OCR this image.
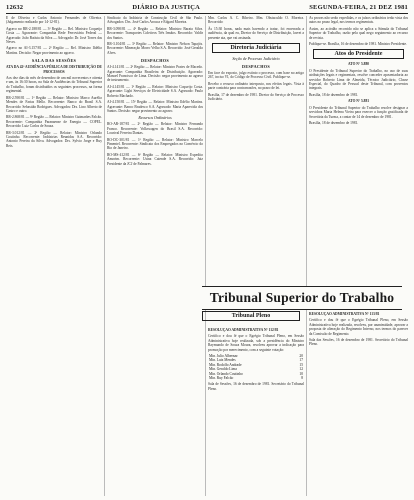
12632	DIÁRIO DA JUSTIÇA	SEGUNDA-FEIRA, 21 DEZ 1981

E de Oliveira e Carlos Antonio Fernandes de Oliveira. (Julgamento realizado por 14-12-81).

Agravo no RR-2.188/81 — 3ª Região — Rel. Ministro Coqueijo Costa — Agravante: Companhia Rede Ferroviária Federal — Agravado: João Batista da Silva — Advogado: Dr. José Torres das Neves.

Agravo no AI-3.157/81 — 2ª Região — Rel. Ministro Ildélio Martins. Decisão: Negar provimento ao agravo.

SALA DAS SESSÕES

ATA DA 42ª AUDIÊNCIA PÚBLICA DE DISTRIBUIÇÃO DE PROCESSOS

Aos dez dias do mês de dezembro de um mil novecentos e oitenta e um, às 16:30 horas, na Sala de Audiências do Tribunal Superior do Trabalho, foram distribuídos os seguintes processos, na forma regimental.

RR-2.590/81 — 1ª Região — Relator: Ministro Marco Aurélio Mendes de Farias Mello. Recorrente: Banco do Brasil S.A. Recorrido: Sebastião Rodrigues. Advogados: Drs. Lino Alberto de Castro e outro.

RR-2.868/81 — 9ª Região — Relator: Ministro Guimarães Falcão. Recorrente: Companhia Paranaense de Energia — COPEL. Recorrido: Luiz Carlos de Souza.

RR-3.012/81 — 2ª Região — Relator: Ministro Orlando Coutinho. Recorrente: Indústrias Reunidas S.A. Recorrido: Antonio Pereira da Silva. Advogados: Drs. Sylvio Jorge e Ruy Reis.

Sindicato da Indústria de Construção Civil de São Paulo. Advogados: Drs. José Carlos Arouca e Edgard Moreira.

RR-3.090/81 — 4ª Região — Relator: Ministro Barata Silva. Recorrente: Transportes Coletivos Três Irmãos. Recorrido: Valdir dos Santos.

RR-3.104/81 — 3ª Região — Relator: Ministro Nelson Tapajós. Recorrente: Mineração Morro Velho S.A. Recorrido: José Geraldo Alves.

DESPACHOS

AI-4.141/81 — 2ª Região — Relator: Ministro Prates de Macedo. Agravante: Companhia Brasileira de Distribuição. Agravado: Manoel Francisco de Lima. Decisão: negar provimento ao agravo de instrumento.

AI-4.145/81 — 1ª Região — Relator: Ministro Coqueijo Costa. Agravante: Light Serviços de Eletricidade S.A. Agravado: Paulo Roberto Machado.

AI-4.150/81 — 15ª Região — Relator: Ministro Ildélio Martins. Agravante: Banco Bradesco S.A. Agravado: Maria Aparecida dos Santos. Decisão: negar provimento ao agravo.

Recursos Ordinários

RO-AR-187/81 — 2ª Região — Relator: Ministro Fernando Franco. Recorrente: Volkswagen do Brasil S.A. Recorrido: Lourival Ferreira Dantas.

RO-DC-301/81 — 1ª Região — Relator: Ministro Marcelo Pimentel. Recorrente: Sindicato dos Empregados no Comércio do Rio de Janeiro.

RO-MS-412/81 — 6ª Região — Relator: Ministro Expedito Amorim. Recorrente: Usina Catende S.A. Recorrido: Juiz Presidente da JCJ de Palmares.

Mm. Carlos A. C. Ribeiro. Mm. Obstaculdo O. Moreira. Recorrido:

Às 15:30 horas, nada mais havendo a tratar, foi encerrada a audiência, da qual eu, Diretor do Serviço de Distribuição, lavrei a presente ata, que vai assinada.

Diretoria Judiciária
Seção de Processo Judiciário
DESPACHOS

Em face do exposto, julgo extinto o processo, com base no artigo 267, inciso VI, do Código de Processo Civil. Publique-se.

Recebo o recurso ordinário interposto, nos efeitos legais. Vista à parte contrária para contrarrazões, no prazo de lei.

Brasília, 17 de dezembro de 1981. Diretor do Serviço de Processo Judiciário.

Às provas não serão expedidas, e os juízos ordinários terão vista dos autos no prazo legal, nos termos regimentais.

Assim, ao acórdão recorrido não se aplica a Súmula do Tribunal Superior do Trabalho, razão pela qual nego seguimento ao recurso de revista.

Publique-se. Brasília, 16 de dezembro de 1981. Ministro Presidente.

Atos do Presidente

ATO Nº 5.880

O Presidente do Tribunal Superior do Trabalho, no uso de suas atribuições legais e regimentais, resolve conceder aposentadoria ao servidor Roberto Lima de Almeida, Técnico Judiciário, Classe Especial, do Quadro de Pessoal deste Tribunal, com proventos integrais.

Brasília, 18 de dezembro de 1981.

ATO Nº 5.881

O Presidente do Tribunal Superior do Trabalho resolve designar a servidora Marta Helena Vieira para exercer a função gratificada de Secretária da Turma, a contar de 14 de dezembro de 1981.

Brasília, 18 de dezembro de 1981.

RESOLUÇÃO ADMINISTRATIVA Nº 112/81

Certifico e dou fé que o Egrégio Tribunal Pleno, em Sessão Administrativa hoje realizada, sob a presidência do Ministro Raymundo de Souza Moura, resolveu aprovar a indicação para promoção por merecimento, com a seguinte votação:

Min. Julio Albernaz	20
Min. Luiz Mendes	17
Min. Rodolfo Andrade	15
Min. Geraldo Lima	12
Min. Orlando Coutinho	10
Min. Ruy Falcão	8

Sala de Sessões, 16 de dezembro de 1981. Secretário do Tribunal Pleno.

RESOLUÇÃO ADMINISTRATIVA Nº 113/81

Certifico e dou fé que o Egrégio Tribunal Pleno, em Sessão Administrativa hoje realizada, resolveu, por unanimidade, aprovar a proposta de alteração do Regimento Interno, nos termos do parecer da Comissão de Regimento.

Sala das Sessões, 16 de dezembro de 1981. Secretário do Tribunal Pleno.

Tribunal Superior do Trabalho
Tribunal Pleno
